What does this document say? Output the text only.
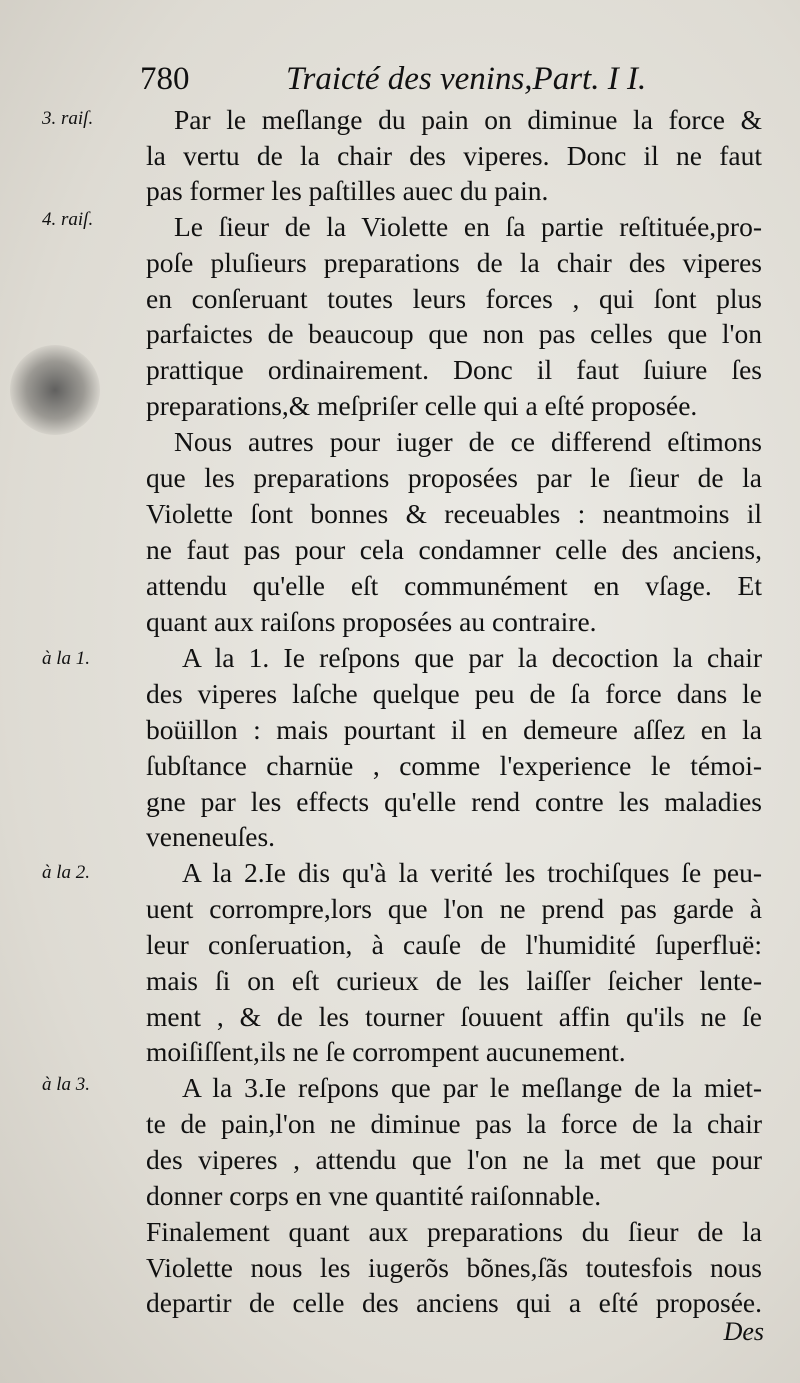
780	Traicté des venins,Part. I I.
3. raiſ.
4. raiſ.
à la 1.
à la 2.
à la 3.
Par le meſlange du pain on diminue la force &
la vertu de la chair des viperes. Donc il ne faut
pas former les paſtilles auec du pain.
Le ſieur de la Violette en ſa partie reſtituée,pro-
poſe pluſieurs preparations de la chair des viperes
en conſeruant toutes leurs forces , qui ſont plus
parfaictes de beaucoup que non pas celles que l'on
prattique ordinairement. Donc il faut ſuiure ſes
preparations,& meſpriſer celle qui a eſté proposée.
Nous autres pour iuger de ce differend eſtimons
que les preparations proposées par le ſieur de la
Violette ſont bonnes & receuables : neantmoins il
ne faut pas pour cela condamner celle des anciens,
attendu qu'elle eſt communément en vſage. Et
quant aux raiſons proposées au contraire.
A la 1. Ie reſpons que par la decoction la chair
des viperes laſche quelque peu de ſa force dans le
boüillon : mais pourtant il en demeure aſſez en la
ſubſtance charnüe , comme l'experience le témoi-
gne par les effects qu'elle rend contre les maladies
veneneuſes.
A la 2.Ie dis qu'à la verité les trochiſques ſe peu-
uent corrompre,lors que l'on ne prend pas garde à
leur conſeruation, à cauſe de l'humidité ſuperfluë:
mais ſi on eſt curieux de les laiſſer ſeicher lente-
ment , & de les tourner ſouuent affin qu'ils ne ſe
moiſiſſent,ils ne ſe corrompent aucunement.
A la 3.Ie reſpons que par le meſlange de la miet-
te de pain,l'on ne diminue pas la force de la chair
des viperes , attendu que l'on ne la met que pour
donner corps en vne quantité raiſonnable.
Finalement quant aux preparations du ſieur de la
Violette nous les iugerõs bõnes,ſãs toutesfois nous
departir de celle des anciens qui a eſté proposée.
Des
